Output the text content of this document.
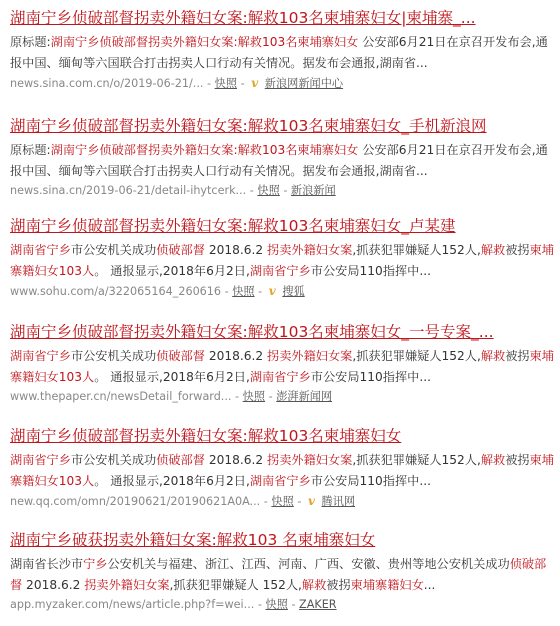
湖南宁乡侦破部督拐卖外籍妇女案:解救103名柬埔寨妇女|柬埔寨_...
原标题:湖南宁乡侦破部督拐卖外籍妇女案:解救103名柬埔寨妇女 公安部6月21日在京召开发布会,通报中国、缅甸等六国联合打击拐卖人口行动有关情况。据发布会通报,湖南省...
news.sina.com.cn/o/2019-06-21/... - 快照 - v 新浪网新闻中心
湖南宁乡侦破部督拐卖外籍妇女案:解救103名柬埔寨妇女_手机新浪网
原标题:湖南宁乡侦破部督拐卖外籍妇女案:解救103名柬埔寨妇女 公安部6月21日在京召开发布会,通报中国、缅甸等六国联合打击拐卖人口行动有关情况。据发布会通报,湖南省...
news.sina.cn/2019-06-21/detail-ihytcerk... - 快照 - 新浪新闻
湖南宁乡侦破部督拐卖外籍妇女案:解救103名柬埔寨妇女_卢某建
湖南省宁乡市公安机关成功侦破部督 2018.6.2 拐卖外籍妇女案,抓获犯罪嫌疑人152人,解救被拐柬埔寨籍妇女103人。 通报显示,2018年6月2日,湖南省宁乡市公安局110指挥中...
www.sohu.com/a/322065164_260616 - 快照 - v 搜狐
湖南宁乡侦破部督拐卖外籍妇女案:解救103名柬埔寨妇女_一号专案_...
湖南省宁乡市公安机关成功侦破部督 2018.6.2 拐卖外籍妇女案,抓获犯罪嫌疑人152人,解救被拐柬埔寨籍妇女103人。 通报显示,2018年6月2日,湖南省宁乡市公安局110指挥中...
www.thepaper.cn/newsDetail_forward... - 快照 - 澎湃新闻网
湖南宁乡侦破部督拐卖外籍妇女案:解救103名柬埔寨妇女
湖南省宁乡市公安机关成功侦破部督 2018.6.2 拐卖外籍妇女案,抓获犯罪嫌疑人152人,解救被拐柬埔寨籍妇女103人。 通报显示,2018年6月2日,湖南省宁乡市公安局110指挥中...
new.qq.com/omn/20190621/20190621A0A... - 快照 - v 腾讯网
湖南宁乡破获拐卖外籍妇女案:解救103 名柬埔寨妇女
湖南省长沙市宁乡公安机关与福建、浙江、江西、河南、广西、安徽、贵州等地公安机关成功侦破部督 2018.6.2 拐卖外籍妇女案,抓获犯罪嫌疑人 152人,解救被拐柬埔寨籍妇女...
app.myzaker.com/news/article.php?f=wei... - 快照 - ZAKER
